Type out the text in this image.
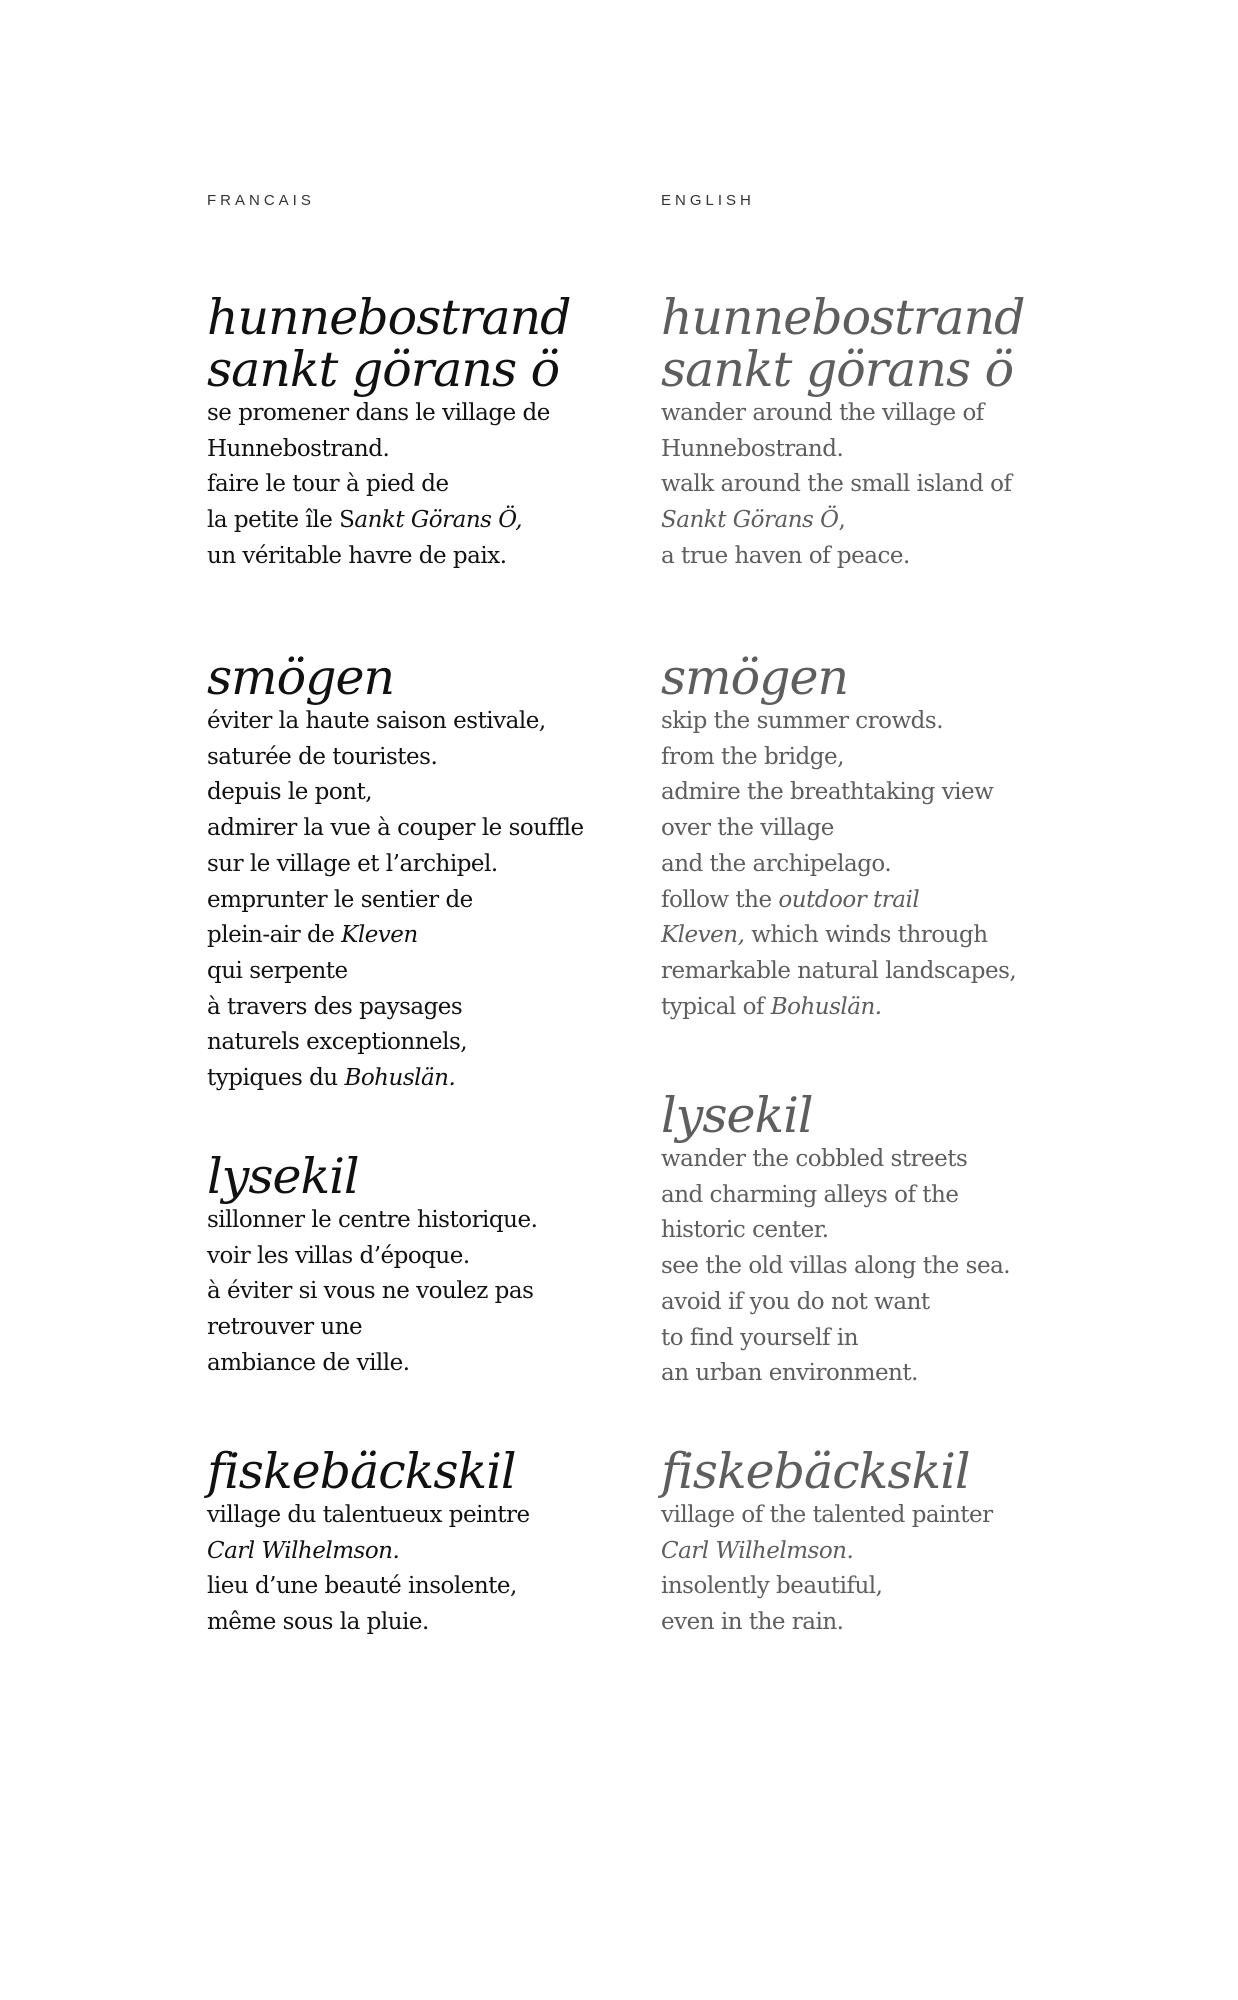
FRANCAIS

hunnebostrand
sankt görans ö

se promener dans le village de
Hunnebostrand.
faire le tour à pied de
la petite île Sankt Görans Ö,
un véritable havre de paix.

smögen

éviter la haute saison estivale,
saturée de touristes.
depuis le pont,
admirer la vue à couper le souffle
sur le village et l’archipel.
emprunter le sentier de
plein-air de Kleven
qui serpente
à travers des paysages
naturels exceptionnels,
typiques du Bohuslän.

lysekil

sillonner le centre historique.
voir les villas d’époque.
à éviter si vous ne voulez pas
retrouver une
ambiance de ville.

fiskebäckskil

village du talentueux peintre
Carl Wilhelmson.
lieu d’une beauté insolente,
même sous la pluie.

ENGLISH

hunnebostrand
sankt görans ö

wander around the village of
Hunnebostrand.
walk around the small island of
Sankt Görans Ö,
a true haven of peace.

smögen

skip the summer crowds.
from the bridge,
admire the breathtaking view
over the village
and the archipelago.
follow the outdoor trail
Kleven, which winds through
remarkable natural landscapes,
typical of Bohuslän.

lysekil

wander the cobbled streets
and charming alleys of the
historic center.
see the old villas along the sea.
avoid if you do not want
to find yourself in
an urban environment.

fiskebäckskil

village of the talented painter
Carl Wilhelmson.
insolently beautiful,
even in the rain.
